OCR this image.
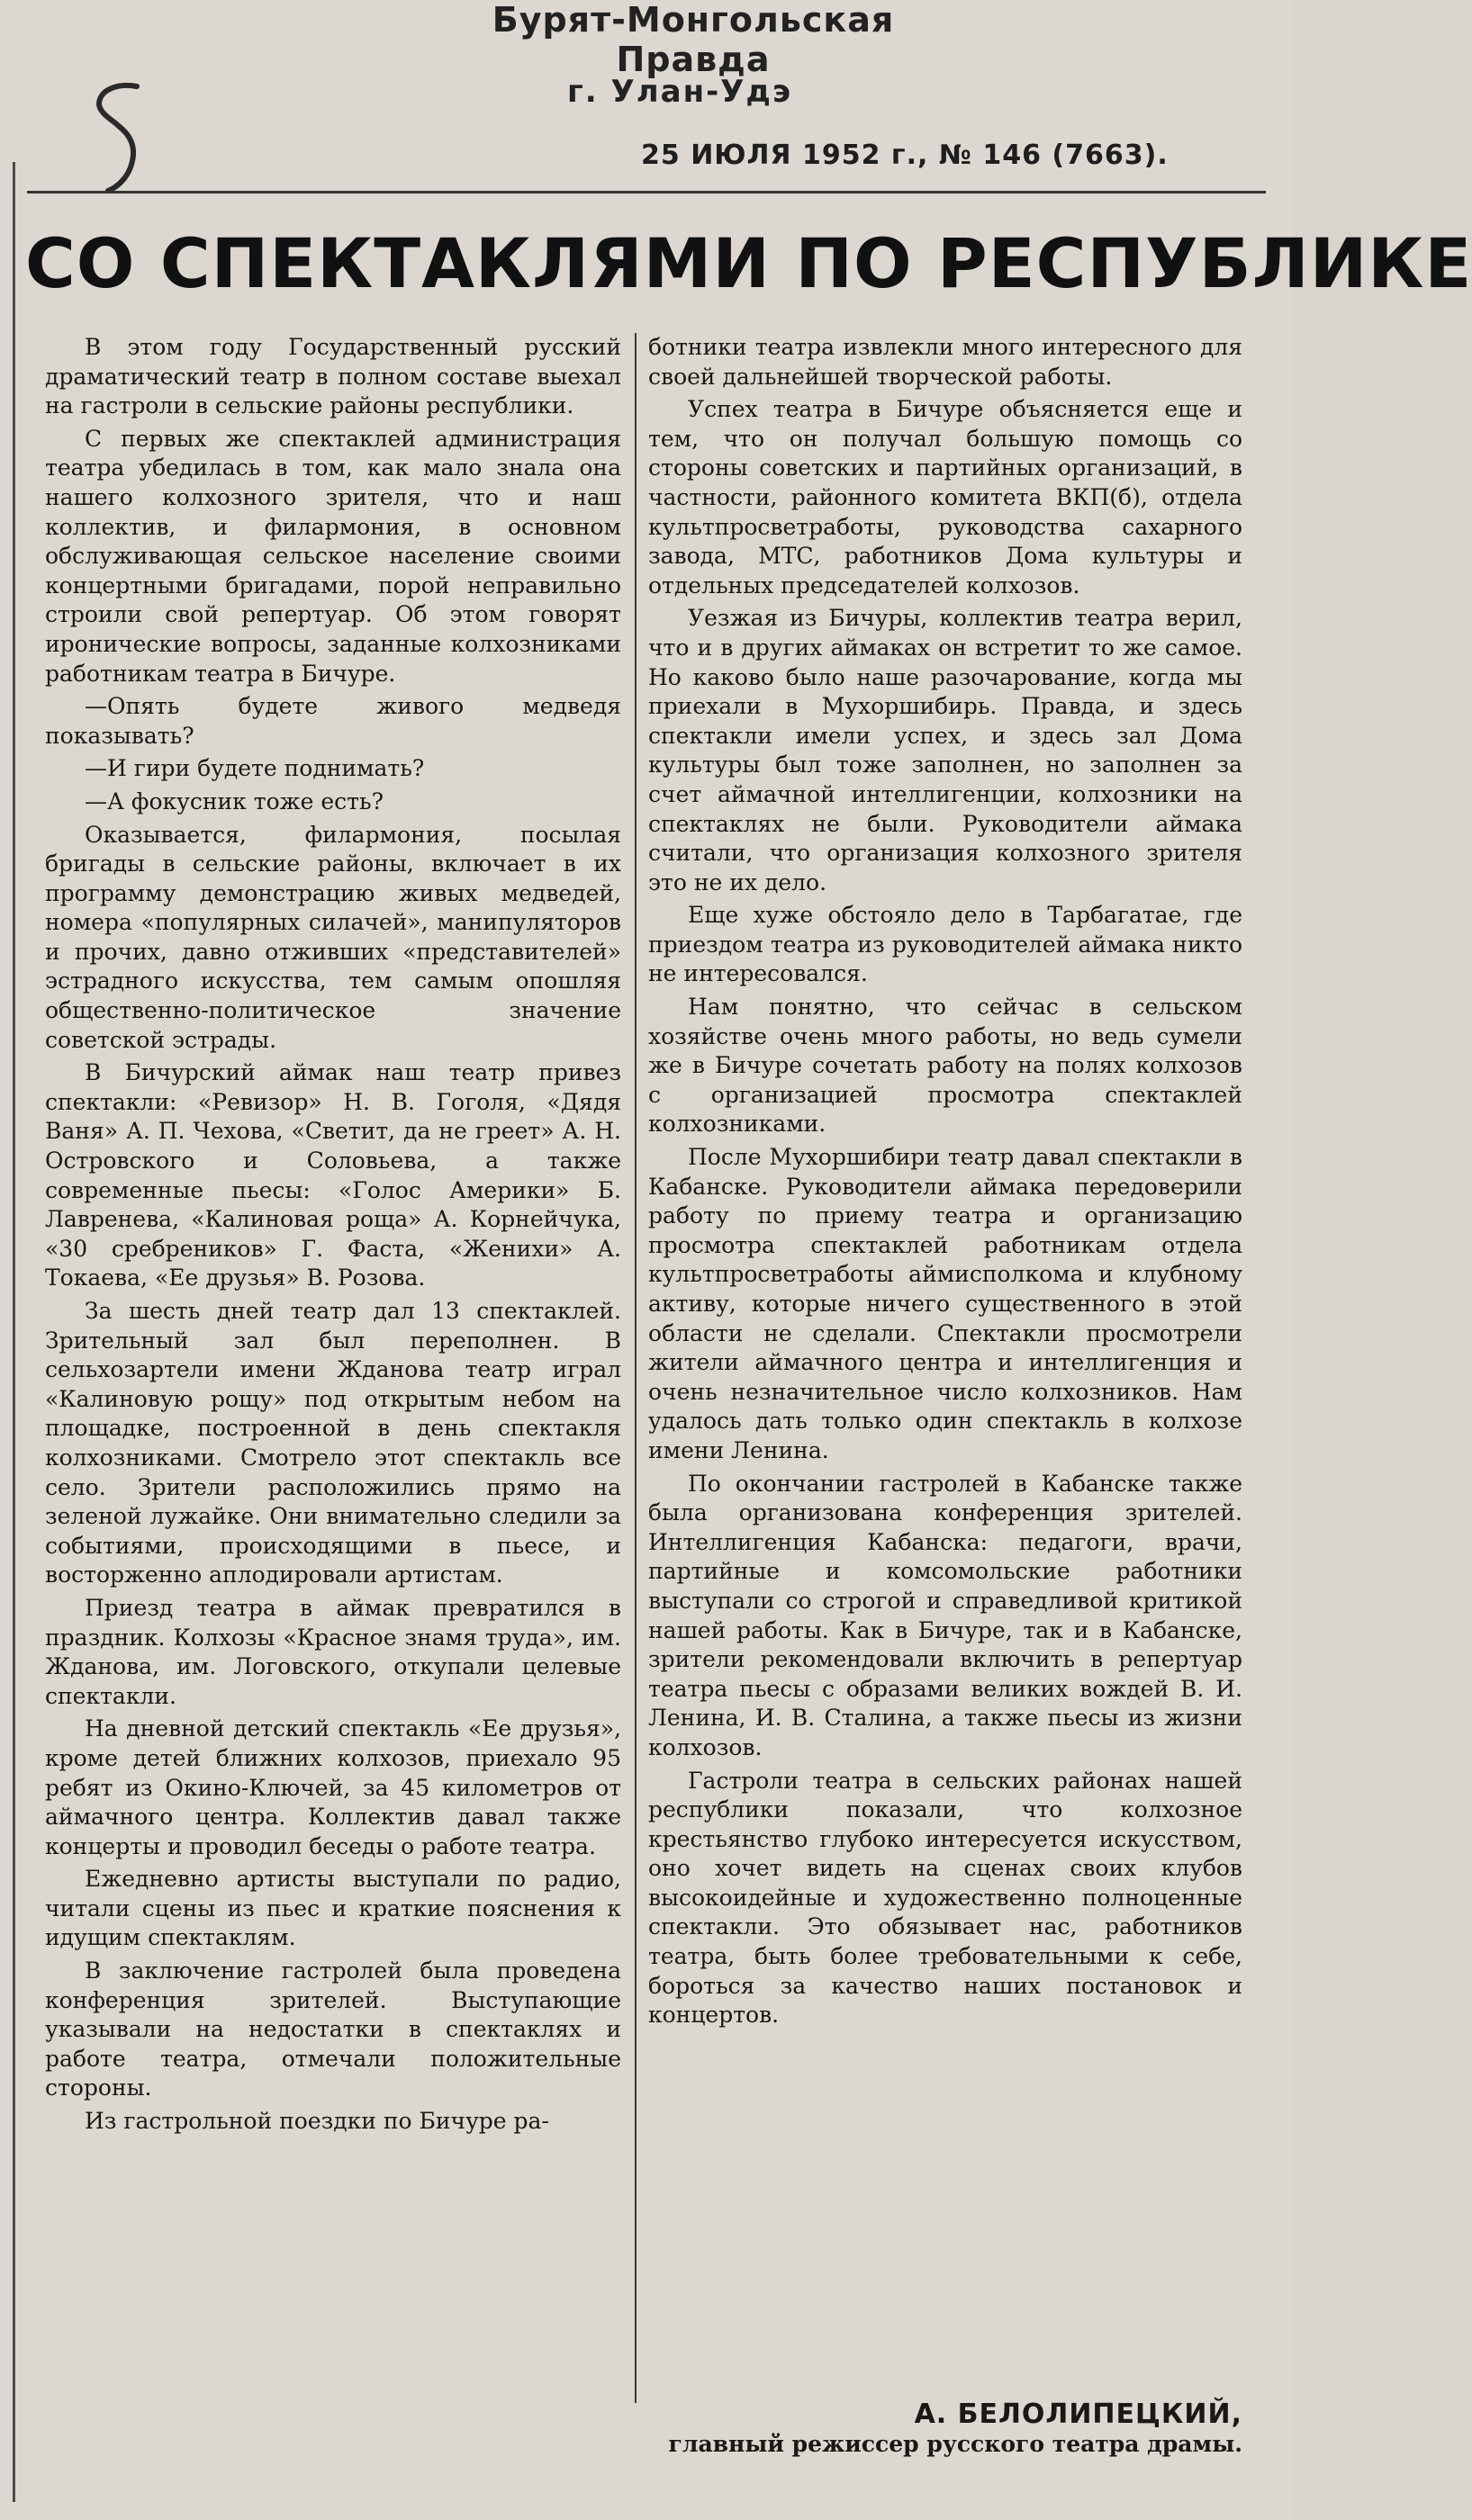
Бурят-Монгольская Правда
г. Улан-Удэ
25 ИЮЛЯ 1952 г., № 146 (7663).
СО СПЕКТАКЛЯМИ ПО РЕСПУБЛИКЕ

В этом году Государственный русский драматический театр в полном составе выехал на гастроли в сельские районы республики.

С первых же спектаклей администрация театра убедилась в том, как мало знала она нашего колхозного зрителя, что и наш коллектив, и филармония, в основном обслуживающая сельское население своими концертными бригадами, порой неправильно строили свой репертуар. Об этом говорят иронические вопросы, заданные колхозниками работникам театра в Бичуре.

—Опять будете живого медведя показывать?

—И гири будете поднимать?

—А фокусник тоже есть?

Оказывается, филармония, посылая бригады в сельские районы, включает в их программу демонстрацию живых медведей, номера «популярных силачей», манипуляторов и прочих, давно отживших «представителей» эстрадного искусства, тем самым опошляя общественно-политическое значение советской эстрады.

В Бичурский аймак наш театр привез спектакли: «Ревизор» Н. В. Гоголя, «Дядя Ваня» А. П. Чехова, «Светит, да не греет» А. Н. Островского и Соловьева, а также современные пьесы: «Голос Америки» Б. Лавренева, «Калиновая роща» А. Корнейчука, «30 сребреников» Г. Фаста, «Женихи» А. Токаева, «Ее друзья» В. Розова.

За шесть дней театр дал 13 спектаклей. Зрительный зал был переполнен. В сельхозартели имени Жданова театр играл «Калиновую рощу» под открытым небом на площадке, построенной в день спектакля колхозниками. Смотрело этот спектакль все село. Зрители расположились прямо на зеленой лужайке. Они внимательно следили за событиями, происходящими в пьесе, и восторженно аплодировали артистам.

Приезд театра в аймак превратился в праздник. Колхозы «Красное знамя труда», им. Жданова, им. Логовского, откупали целевые спектакли.

На дневной детский спектакль «Ее друзья», кроме детей ближних колхозов, приехало 95 ребят из Окино-Ключей, за 45 километров от аймачного центра. Коллектив давал также концерты и проводил беседы о работе театра.

Ежедневно артисты выступали по радио, читали сцены из пьес и краткие пояснения к идущим спектаклям.

В заключение гастролей была проведена конференция зрителей. Выступающие указывали на недостатки в спектаклях и работе театра, отмечали положительные стороны.

Из гастрольной поездки по Бичуре ра-

ботники театра извлекли много интересного для своей дальнейшей творческой работы.

Успех театра в Бичуре объясняется еще и тем, что он получал большую помощь со стороны советских и партийных организаций, в частности, районного комитета ВКП(б), отдела культпросветработы, руководства сахарного завода, МТС, работников Дома культуры и отдельных председателей колхозов.

Уезжая из Бичуры, коллектив театра верил, что и в других аймаках он встретит то же самое. Но каково было наше разочарование, когда мы приехали в Мухоршибирь. Правда, и здесь спектакли имели успех, и здесь зал Дома культуры был тоже заполнен, но заполнен за счет аймачной интеллигенции, колхозники на спектаклях не были. Руководители аймака считали, что организация колхозного зрителя это не их дело.

Еще хуже обстояло дело в Тарбагатае, где приездом театра из руководителей аймака никто не интересовался.

Нам понятно, что сейчас в сельском хозяйстве очень много работы, но ведь сумели же в Бичуре сочетать работу на полях колхозов с организацией просмотра спектаклей колхозниками.

После Мухоршибири театр давал спектакли в Кабанске. Руководители аймака передоверили работу по приему театра и организацию просмотра спектаклей работникам отдела культпросветработы аймисполкома и клубному активу, которые ничего существенного в этой области не сделали. Спектакли просмотрели жители аймачного центра и интеллигенция и очень незначительное число колхозников. Нам удалось дать только один спектакль в колхозе имени Ленина.

По окончании гастролей в Кабанске также была организована конференция зрителей. Интеллигенция Кабанска: педагоги, врачи, партийные и комсомольские работники выступали со строгой и справедливой критикой нашей работы. Как в Бичуре, так и в Кабанске, зрители рекомендовали включить в репертуар театра пьесы с образами великих вождей В. И. Ленина, И. В. Сталина, а также пьесы из жизни колхозов.

Гастроли театра в сельских районах нашей республики показали, что колхозное крестьянство глубоко интересуется искусством, оно хочет видеть на сценах своих клубов высокоидейные и художественно полноценные спектакли. Это обязывает нас, работников театра, быть более требовательными к себе, бороться за качество наших постановок и концертов.

А. БЕЛОЛИПЕЦКИЙ,
главный режиссер русского театра драмы.
